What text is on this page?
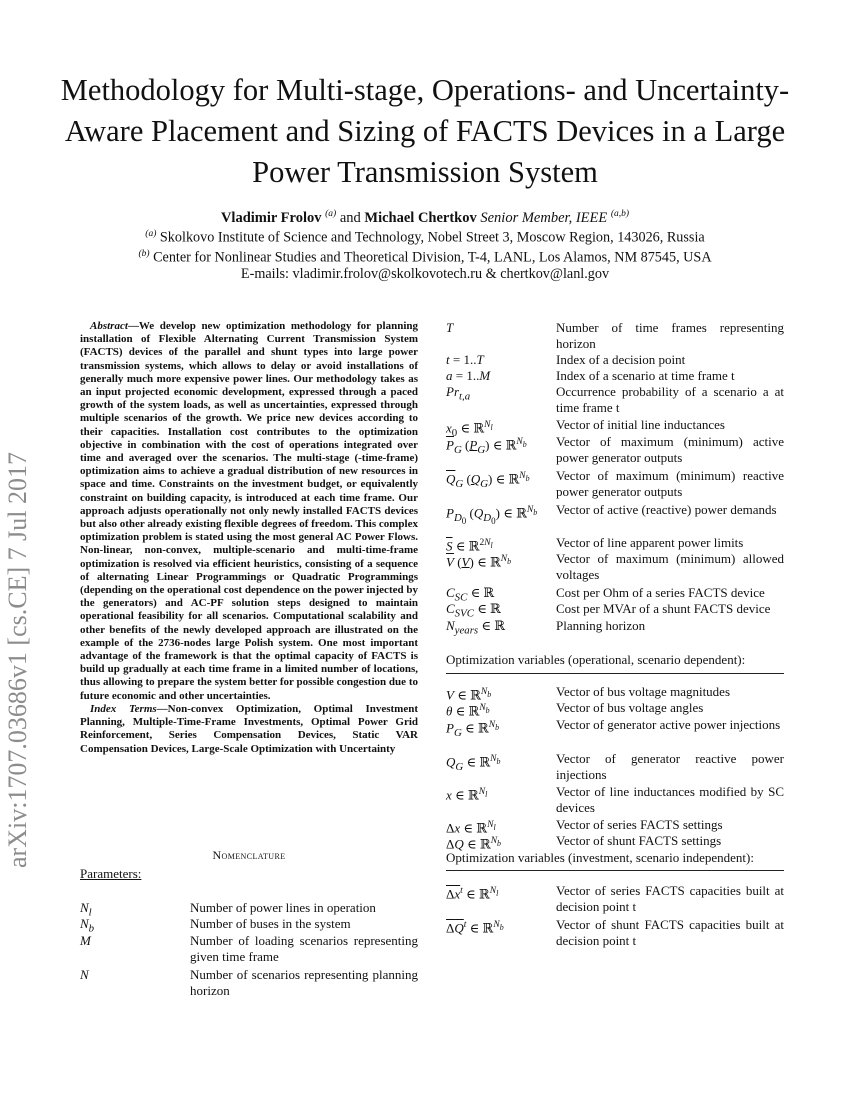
Methodology for Multi-stage, Operations- and Uncertainty-Aware Placement and Sizing of FACTS Devices in a Large Power Transmission System
Vladimir Frolov $^{(a)}$ and Michael Chertkov Senior Member, IEEE $^{(a,b)}$
$^{(a)}$ Skolkovo Institute of Science and Technology, Nobel Street 3, Moscow Region, 143026, Russia
$^{(b)}$ Center for Nonlinear Studies and Theoretical Division, T-4, LANL, Los Alamos, NM 87545, USA
E-mails: vladimir.frolov@skolkovotech.ru & chertkov@lanl.gov
arXiv:1707.03686v1 [cs.CE] 7 Jul 2017

Abstract—We develop new optimization methodology for planning installation of Flexible Alternating Current Transmission System (FACTS) devices of the parallel and shunt types into large power transmission systems, which allows to delay or avoid installations of generally much more expensive power lines. Our methodology takes as an input projected economic development, expressed through a paced growth of the system loads, as well as uncertainties, expressed through multiple scenarios of the growth. We price new devices according to their capacities. Installation cost contributes to the optimization objective in combination with the cost of operations integrated over time and averaged over the scenarios. The multi-stage (-time-frame) optimization aims to achieve a gradual distribution of new resources in space and time. Constraints on the investment budget, or equivalently constraint on building capacity, is introduced at each time frame. Our approach adjusts operationally not only newly installed FACTS devices but also other already existing flexible degrees of freedom. This complex optimization problem is stated using the most general AC Power Flows. Non-linear, non-convex, multiple-scenario and multi-time-frame optimization is resolved via efficient heuristics, consisting of a sequence of alternating Linear Programmings or Quadratic Programmings (depending on the operational cost dependence on the power injected by the generators) and AC-PF solution steps designed to maintain operational feasibility for all scenarios. Computational scalability and other benefits of the newly developed approach are illustrated on the example of the 2736-nodes large Polish system. One most important advantage of the framework is that the optimal capacity of FACTS is build up gradually at each time frame in a limited number of locations, thus allowing to prepare the system better for possible congestion due to future economic and other uncertainties.

Index Terms—Non-convex Optimization, Optimal Investment Planning, Multiple-Time-Frame Investments, Optimal Power Grid Reinforcement, Series Compensation Devices, Static VAR Compensation Devices, Large-Scale Optimization with Uncertainty

Nomenclature
Parameters:
$N_l$	Number of power lines in operation
$N_b$	Number of buses in the system
M	Number of loading scenarios representing given time frame
N	Number of scenarios representing planning horizon
T	Number of time frames representing horizon
t = 1..T	Index of a decision point
a = 1..M	Index of a scenario at time frame t
$Pr_{t,a}$	Occurrence probability of a scenario a at time frame t
$x_0$ ∈ ℝ$^{N_l}$	Vector of initial line inductances
$\overline{P}_G$ $(P_G)$ ∈ ℝ$^{N_b}$ Vector of maximum (minimum) active power generator outputs
$\overline{Q}_G$ $(Q_G)$ ∈ ℝ$^{N_b}$ Vector of maximum (minimum) reactive power generator outputs
$P_{D_0}$ $(Q_{D_0})$ ∈ ℝ$^{N_b}$ Vector of active (reactive) power demands
$\overline{S}$ ∈ ℝ$^{2N_l}$	Vector of line apparent power limits
$\overline{V}$ (V) ∈ ℝ$^{N_b}$	Vector of maximum (minimum) allowed voltages
$C_{SC}$ ∈ ℝ	Cost per Ohm of a series FACTS device
$C_{SVC}$ ∈ ℝ	Cost per MVAr of a shunt FACTS device
$N_{years}$ ∈ ℝ	Planning horizon
Optimization variables (operational, scenario dependent):
V ∈ ℝ$^{N_b}$	Vector of bus voltage magnitudes
θ ∈ ℝ$^{N_b}$	Vector of bus voltage angles
$P_G$ ∈ ℝ$^{N_b}$	Vector of generator active power injections
$Q_G$ ∈ ℝ$^{N_b}$	Vector of generator reactive power injections
x ∈ ℝ$^{N_l}$	Vector of line inductances modified by SC devices
Δx ∈ ℝ$^{N_l}$	Vector of series FACTS settings
ΔQ ∈ ℝ$^{N_b}$	Vector of shunt FACTS settings
Optimization variables (investment, scenario independent):
$\Delta x^t$ ∈ ℝ$^{N_l}$	Vector of series FACTS capacities built at decision point t
$\Delta Q^t$ ∈ ℝ$^{N_b}$	Vector of shunt FACTS capacities built at decision point t
